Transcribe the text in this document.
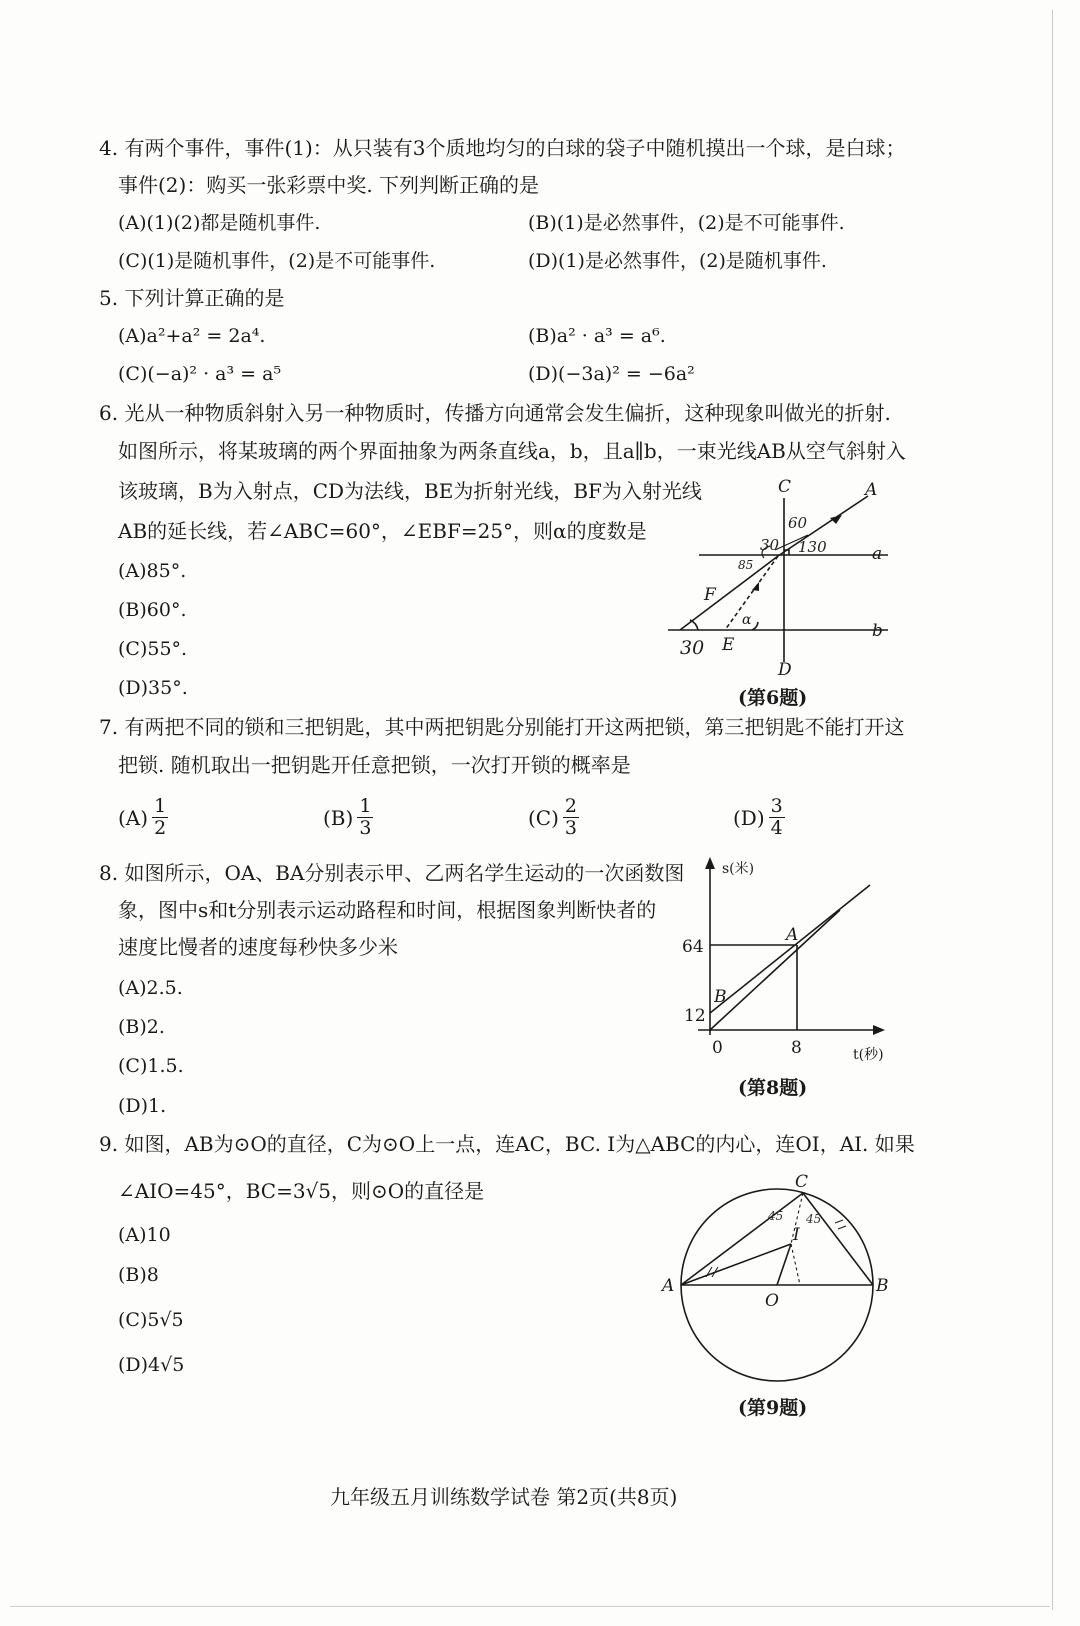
4. 有两个事件，事件(1)：从只装有3个质地均匀的白球的袋子中随机摸出一个球，是白球；
事件(2)：购买一张彩票中奖. 下列判断正确的是
(A)(1)(2)都是随机事件.	(B)(1)是必然事件，(2)是不可能事件.
(C)(1)是随机事件，(2)是不可能事件.	(D)(1)是必然事件，(2)是随机事件.
5. 下列计算正确的是
(A)a²+a² = 2a⁴.	(B)a² · a³ = a⁶.
(C)(−a)² · a³ = a⁵	(D)(−3a)² = −6a²
6. 光从一种物质斜射入另一种物质时，传播方向通常会发生偏折，这种现象叫做光的折射.
如图所示，将某玻璃的两个界面抽象为两条直线a，b，且a∥b，一束光线AB从空气斜射入
该玻璃，B为入射点，CD为法线，BE为折射光线，BF为入射光线
AB的延长线，若∠ABC=60°，∠EBF=25°，则α的度数是
(A)85°.
(B)60°.
(C)55°.
(D)35°.
C	A
a
b
D
E
F
α
60
30 130
30
85
(第6题)
7. 有两把不同的锁和三把钥匙，其中两把钥匙分别能打开这两把锁，第三把钥匙不能打开这
把锁. 随机取出一把钥匙开任意把锁，一次打开锁的概率是
$(A) \frac{1}{2}$	$(B) \frac{1}{3}$	$(C) \frac{2}{3}$	$(D) \frac{3}{4}$
8. 如图所示，OA、BA分别表示甲、乙两名学生运动的一次函数图
象，图中s和t分别表示运动路程和时间，根据图象判断快者的
速度比慢者的速度每秒快多少米
(A)2.5.
(B)2.
(C)1.5.
(D)1.
s(米)
t(秒)
64
12
0	8
A
B
(第8题)
9. 如图，AB为⊙O的直径，C为⊙O上一点，连AC，BC. I为△ABC的内心，连OI，AI. 如果
∠AIO=45°，BC=3√5，则⊙O的直径是
(A)10
(B)8
(C)5√5
(D)4√5
A	B
C
O
I
45 45
(第9题)
九年级五月训练数学试卷 第2页(共8页)
